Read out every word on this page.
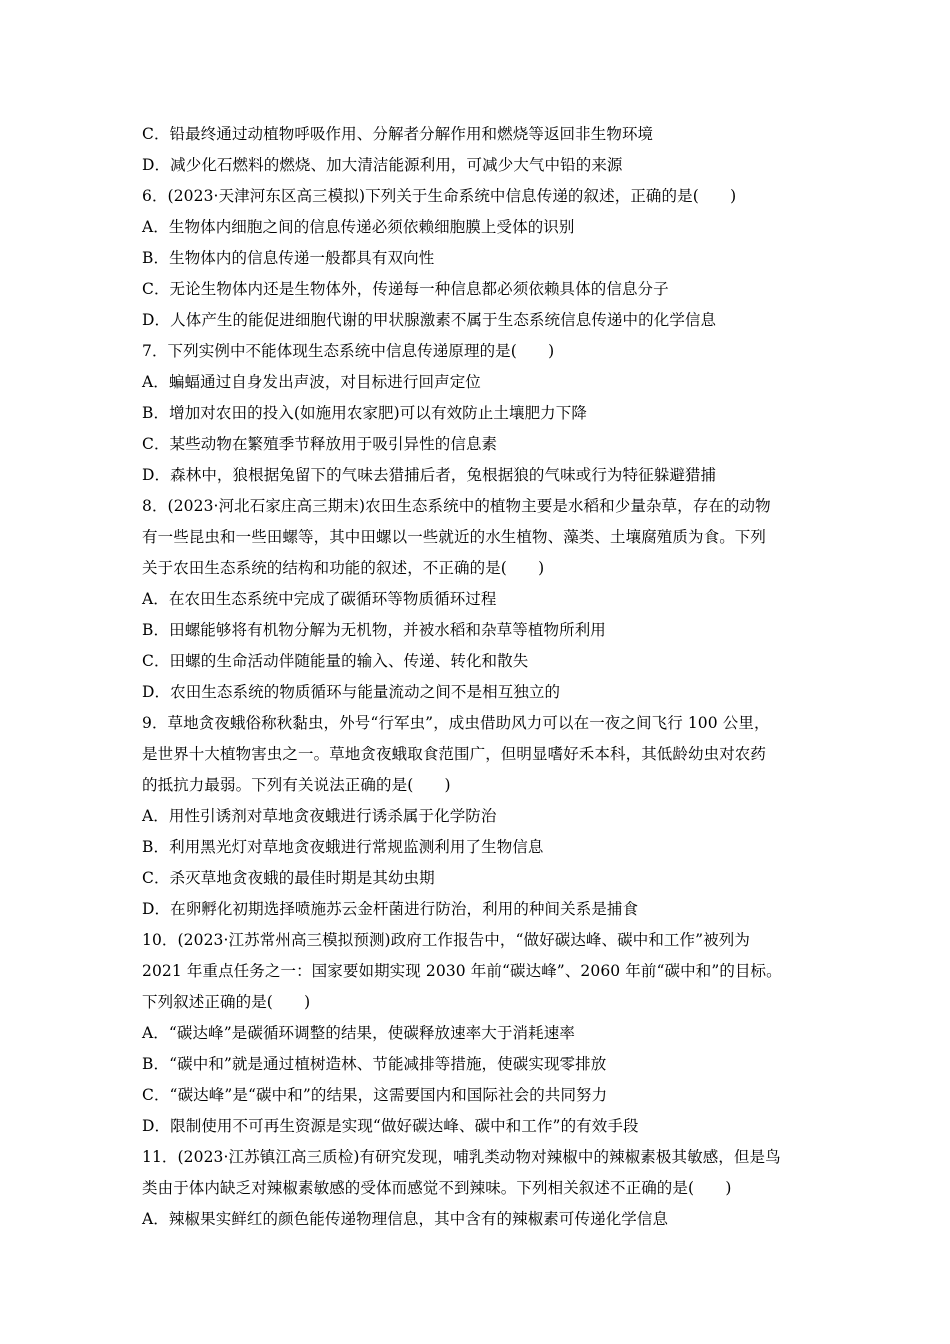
C．铅最终通过动植物呼吸作用、分解者分解作用和燃烧等返回非生物环境
D．减少化石燃料的燃烧、加大清洁能源利用，可减少大气中铅的来源
6．(2023·天津河东区高三模拟)下列关于生命系统中信息传递的叙述，正确的是(　　)
A．生物体内细胞之间的信息传递必须依赖细胞膜上受体的识别
B．生物体内的信息传递一般都具有双向性
C．无论生物体内还是生物体外，传递每一种信息都必须依赖具体的信息分子
D．人体产生的能促进细胞代谢的甲状腺激素不属于生态系统信息传递中的化学信息
7．下列实例中不能体现生态系统中信息传递原理的是(　　)
A．蝙蝠通过自身发出声波，对目标进行回声定位
B．增加对农田的投入(如施用农家肥)可以有效防止土壤肥力下降
C．某些动物在繁殖季节释放用于吸引异性的信息素
D．森林中，狼根据兔留下的气味去猎捕后者，兔根据狼的气味或行为特征躲避猎捕
8．(2023·河北石家庄高三期末)农田生态系统中的植物主要是水稻和少量杂草，存在的动物
有一些昆虫和一些田螺等，其中田螺以一些就近的水生植物、藻类、土壤腐殖质为食。下列
关于农田生态系统的结构和功能的叙述，不正确的是(　　)
A．在农田生态系统中完成了碳循环等物质循环过程
B．田螺能够将有机物分解为无机物，并被水稻和杂草等植物所利用
C．田螺的生命活动伴随能量的输入、传递、转化和散失
D．农田生态系统的物质循环与能量流动之间不是相互独立的
9．草地贪夜蛾俗称秋黏虫，外号“行军虫”，成虫借助风力可以在一夜之间飞行 100 公里，
是世界十大植物害虫之一。草地贪夜蛾取食范围广，但明显嗜好禾本科，其低龄幼虫对农药
的抵抗力最弱。下列有关说法正确的是(　　)
A．用性引诱剂对草地贪夜蛾进行诱杀属于化学防治
B．利用黑光灯对草地贪夜蛾进行常规监测利用了生物信息
C．杀灭草地贪夜蛾的最佳时期是其幼虫期
D．在卵孵化初期选择喷施苏云金杆菌进行防治，利用的种间关系是捕食
10．(2023·江苏常州高三模拟预测)政府工作报告中，“做好碳达峰、碳中和工作”被列为
2021 年重点任务之一：国家要如期实现 2030 年前“碳达峰”、2060 年前“碳中和”的目标。
下列叙述正确的是(　　)
A．“碳达峰”是碳循环调整的结果，使碳释放速率大于消耗速率
B．“碳中和”就是通过植树造林、节能减排等措施，使碳实现零排放
C．“碳达峰”是“碳中和”的结果，这需要国内和国际社会的共同努力
D．限制使用不可再生资源是实现“做好碳达峰、碳中和工作”的有效手段
11．(2023·江苏镇江高三质检)有研究发现，哺乳类动物对辣椒中的辣椒素极其敏感，但是鸟
类由于体内缺乏对辣椒素敏感的受体而感觉不到辣味。下列相关叙述不正确的是(　　)
A．辣椒果实鲜红的颜色能传递物理信息，其中含有的辣椒素可传递化学信息
